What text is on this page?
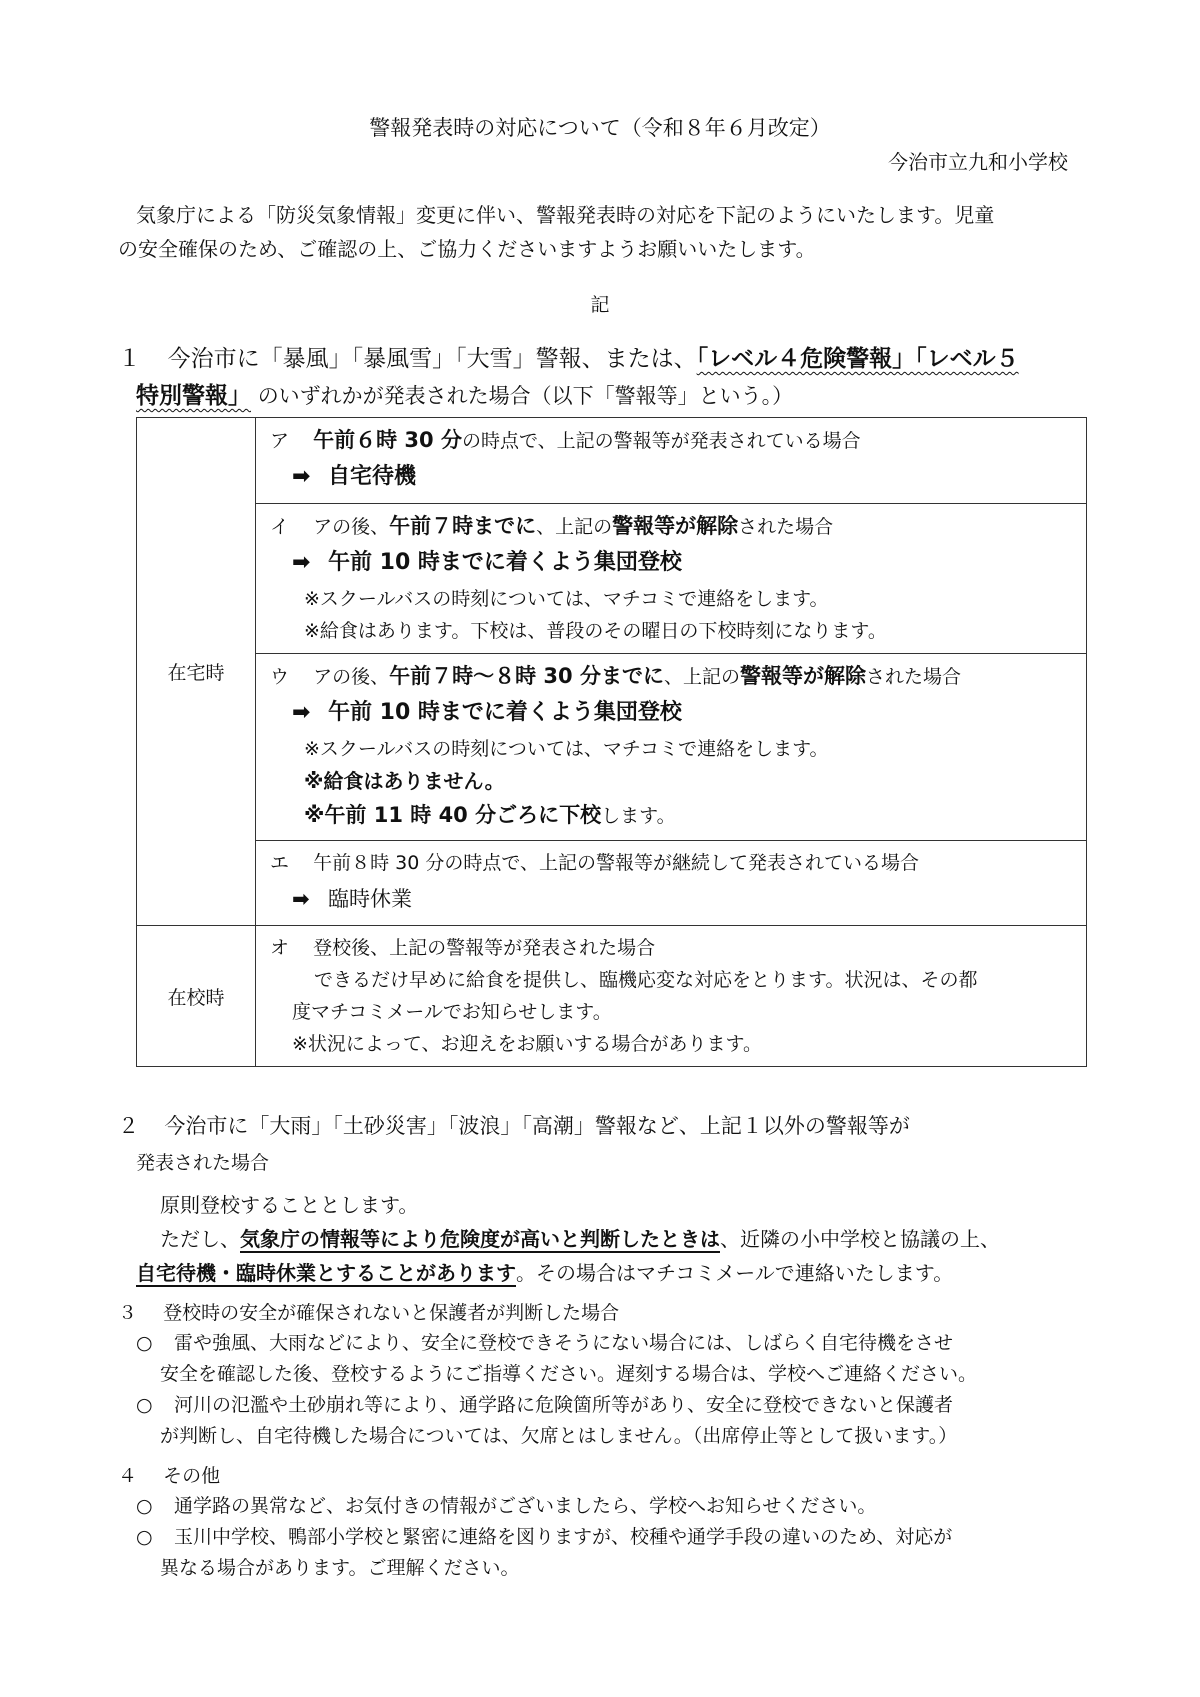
警報発表時の対応について（令和８年６月改定）
今治市立九和小学校

気象庁による「防災気象情報」変更に伴い、警報発表時の対応を下記のようにいたします。児童

の安全確保のため、ご確認の上、ご協力くださいますようお願いいたします。

記
１ 今治市に「暴風」「暴風雪」「大雪」警報、または、「レベル４危険警報」「レベル５
特別警報」 のいずれかが発表された場合（以下「警報等」という。）
在宅時	ア 午前６時 30 分の時点で、上記の警報等が発表されている場合
➡ 自宅待機

	イ アの後、午前７時までに、上記の警報等が解除された場合
➡ 午前 10 時までに着くよう集団登校
※スクールバスの時刻については、マチコミで連絡をします。
※給食はあります。下校は、普段のその曜日の下校時刻になります。

	ウ アの後、午前７時～８時 30 分までに、上記の警報等が解除された場合
➡ 午前 10 時までに着くよう集団登校
※スクールバスの時刻については、マチコミで連絡をします。
※給食はありません。
※午前 11 時 40 分ごろに下校します。

	エ 午前８時 30 分の時点で、上記の警報等が継続して発表されている場合
➡ 臨時休業

在校時	オ 登校後、上記の警報等が発表された場合
できるだけ早めに給食を提供し、臨機応変な対応をとります。状況は、その都
度マチコミメールでお知らせします。
※状況によって、お迎えをお願いする場合があります。
２ 今治市に「大雨」「土砂災害」「波浪」「高潮」警報など、上記１以外の警報等が
発表された場合
原則登校することとします。
ただし、気象庁の情報等により危険度が高いと判断したときは、近隣の小中学校と協議の上、
自宅待機・臨時休業とすることがあります。その場合はマチコミメールで連絡いたします。
３ 登校時の安全が確保されないと保護者が判断した場合
○ 雷や強風、大雨などにより、安全に登校できそうにない場合には、しばらく自宅待機をさせ
安全を確認した後、登校するようにご指導ください。遅刻する場合は、学校へご連絡ください。
○ 河川の氾濫や土砂崩れ等により、通学路に危険箇所等があり、安全に登校できないと保護者
が判断し、自宅待機した場合については、欠席とはしません。（出席停止等として扱います。）
４ その他
○ 通学路の異常など、お気付きの情報がございましたら、学校へお知らせください。
○ 玉川中学校、鴨部小学校と緊密に連絡を図りますが、校種や通学手段の違いのため、対応が
異なる場合があります。ご理解ください。
